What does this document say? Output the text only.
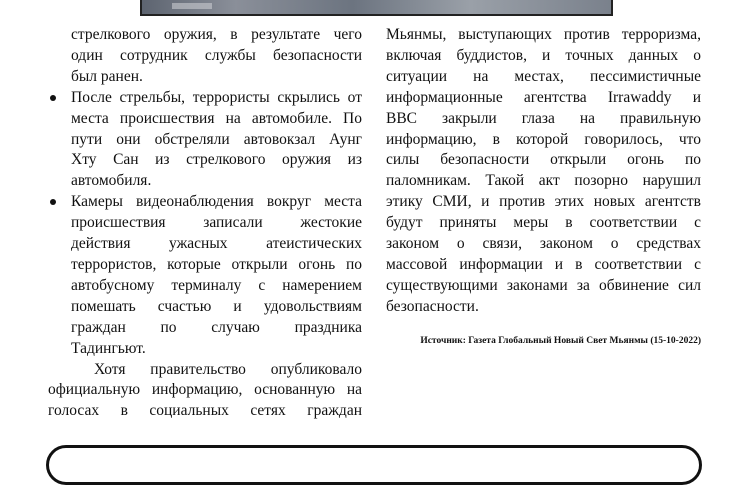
стрелкового оружия, в результате чего

один сотрудник службы безопасности

был ранен.

После стрельбы, террористы скрылись от

места происшествия на автомобиле. По

пути они обстреляли автовокзал Аунг

Хту Сан из стрелкового оружия из

автомобиля.

Камеры видеонаблюдения вокруг места

происшествия записали жестокие

действия ужасных атеистических

террористов, которые открыли огонь по

автобусному терминалу с намерением

помешать счастью и удовольствиям

граждан по случаю праздника

Тадингьют.

Хотя правительство опубликовало

официальную информацию, основанную на

голосах в социальных сетях граждан

Мьянмы, выступающих против терроризма,

включая буддистов, и точных данных о

ситуации на местах, пессимистичные

информационные агентства Irrawaddy и

BBC закрыли глаза на правильную

информацию, в которой говорилось, что

силы безопасности открыли огонь по

паломникам. Такой акт позорно нарушил

этику СМИ, и против этих новых агентств

будут приняты меры в соответствии с

законом о связи, законом о средствах

массовой информации и в соответствии с

существующими законами за обвинение сил

безопасности.

Источник: Газета Глобальный Новый Свет Мьянмы (15-10-2022)
